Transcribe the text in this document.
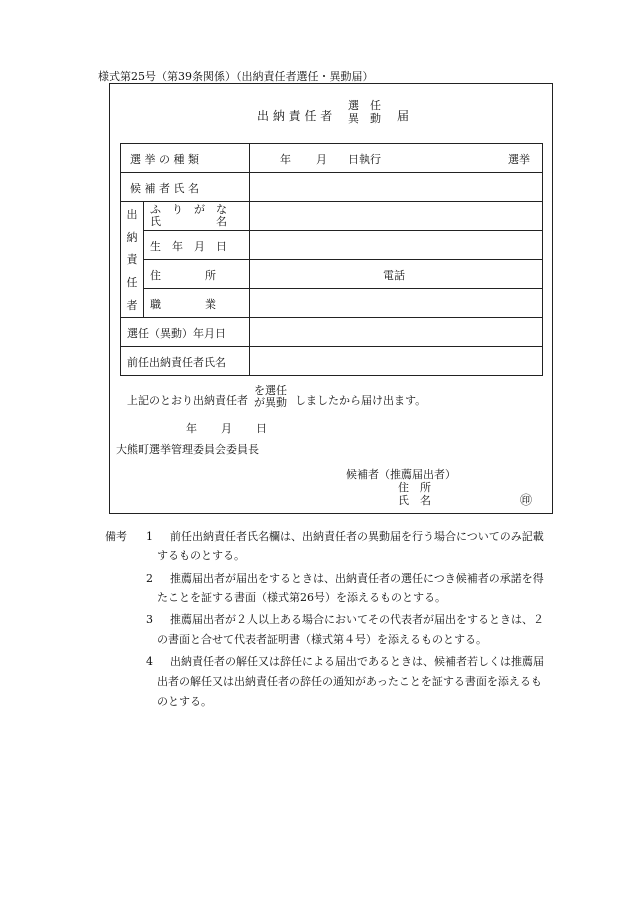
様式第25号（第39条関係）（出納責任者選任・異動届）
出 納 責 任 者
選　任
異　動 届
選 挙 の 種 類	年 月 日執行	選挙
候 補 者 氏 名
出
納
責
任
者
ふ　り　が　な
氏　　　　　名
生　年　月　日
住　　　　所	電話
職　　　　業
選任（異動）年月日
前任出納責任者氏名
上記のとおり出納責任者
を選任
が異動 しましたから届け出ます。
年 月 日
大熊町選挙管理委員会委員長
候補者（推薦届出者）
住　所
氏　名	㊞
備考 1 前任出納責任者氏名欄は、出納責任者の異動届を行う場合についてのみ記載
するものとする。
2 推薦届出者が届出をするときは、出納責任者の選任につき候補者の承諾を得
たことを証する書面（様式第26号）を添えるものとする。
3 推薦届出者が２人以上ある場合においてその代表者が届出をするときは、２
の書面と合せて代表者証明書（様式第４号）を添えるものとする。
4 出納責任者の解任又は辞任による届出であるときは、候補者若しくは推薦届
出者の解任又は出納責任者の辞任の通知があったことを証する書面を添えるも
のとする。
